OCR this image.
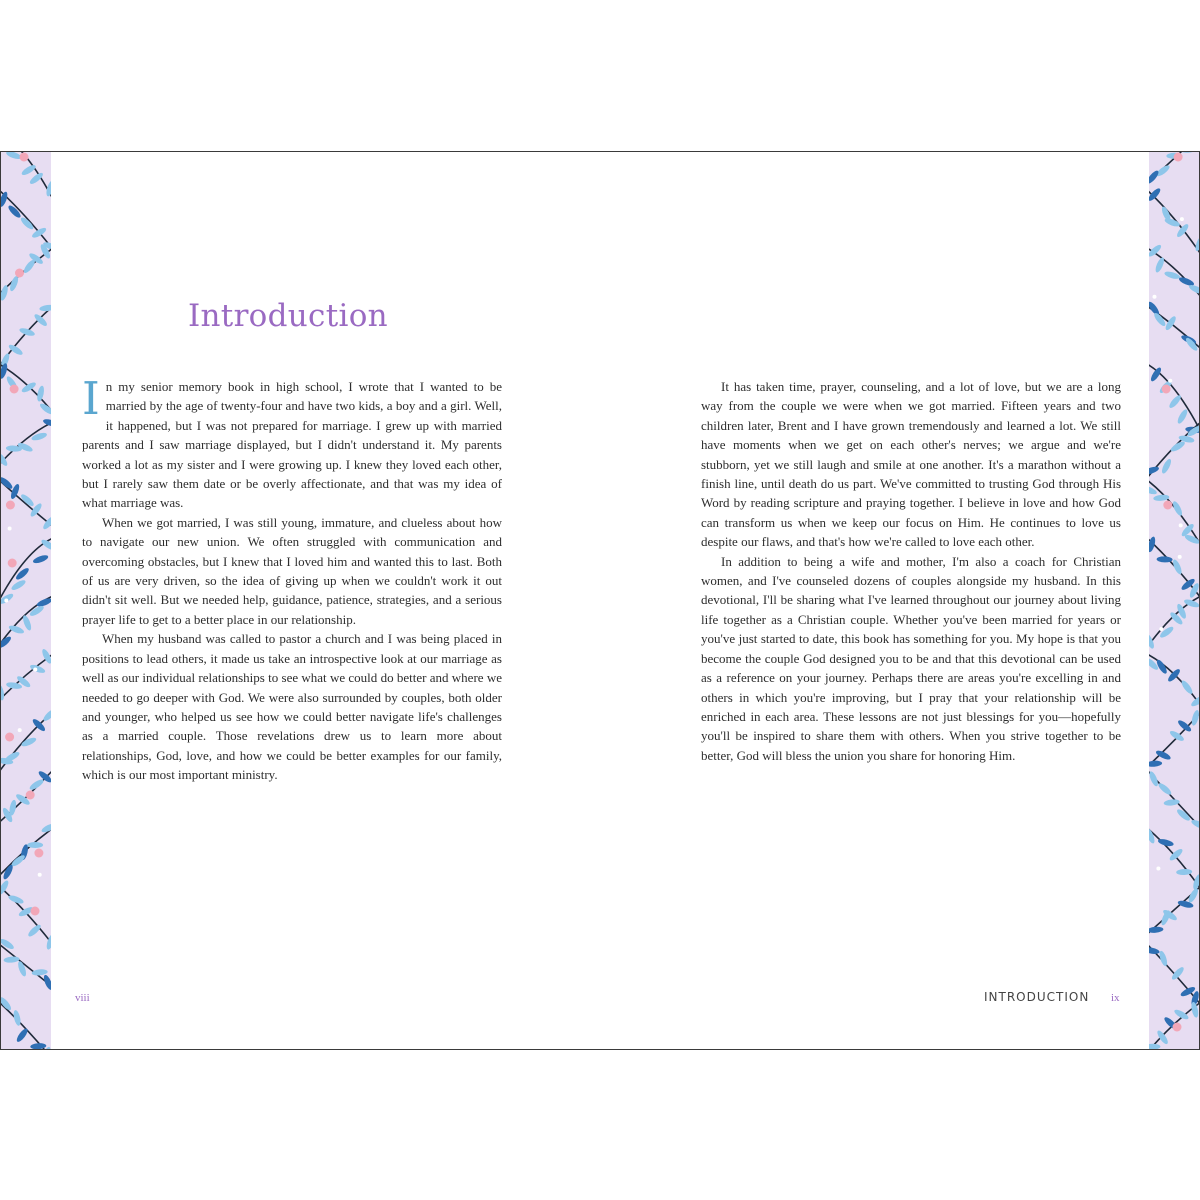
Introduction

In my senior memory book in high school, I wrote that I wanted to be married by the age of twenty-four and have two kids, a boy and a girl. Well, it happened, but I was not prepared for marriage. I grew up with married parents and I saw marriage displayed, but I didn't understand it. My parents worked a lot as my sister and I were growing up. I knew they loved each other, but I rarely saw them date or be overly affectionate, and that was my idea of what marriage was.

When we got married, I was still young, immature, and clueless about how to navigate our new union. We often struggled with communication and overcoming obstacles, but I knew that I loved him and wanted this to last. Both of us are very driven, so the idea of giving up when we couldn't work it out didn't sit well. But we needed help, guidance, patience, strategies, and a serious prayer life to get to a better place in our relationship.

When my husband was called to pastor a church and I was being placed in positions to lead others, it made us take an introspective look at our marriage as well as our individual relationships to see what we could do better and where we needed to go deeper with God. We were also surrounded by couples, both older and younger, who helped us see how we could better navigate life's challenges as a married couple. Those revelations drew us to learn more about relationships, God, love, and how we could be better examples for our family, which is our most important ministry.

It has taken time, prayer, counseling, and a lot of love, but we are a long way from the couple we were when we got married. Fifteen years and two children later, Brent and I have grown tremendously and learned a lot. We still have moments when we get on each other's nerves; we argue and we're stubborn, yet we still laugh and smile at one another. It's a marathon without a finish line, until death do us part. We've committed to trusting God through His Word by reading scripture and praying together. I believe in love and how God can transform us when we keep our focus on Him. He continues to love us despite our flaws, and that's how we're called to love each other.

In addition to being a wife and mother, I'm also a coach for Christian women, and I've counseled dozens of couples alongside my husband. In this devotional, I'll be sharing what I've learned throughout our journey about living life together as a Christian couple. Whether you've been married for years or you've just started to date, this book has something for you. My hope is that you become the couple God designed you to be and that this devotional can be used as a reference on your journey. Perhaps there are areas you're excelling in and others in which you're improving, but I pray that your relationship will be enriched in each area. These lessons are not just blessings for you—hopefully you'll be inspired to share them with others. When you strive together to be better, God will bless the union you share for honoring Him.

viii	INTRODUCTION ix
